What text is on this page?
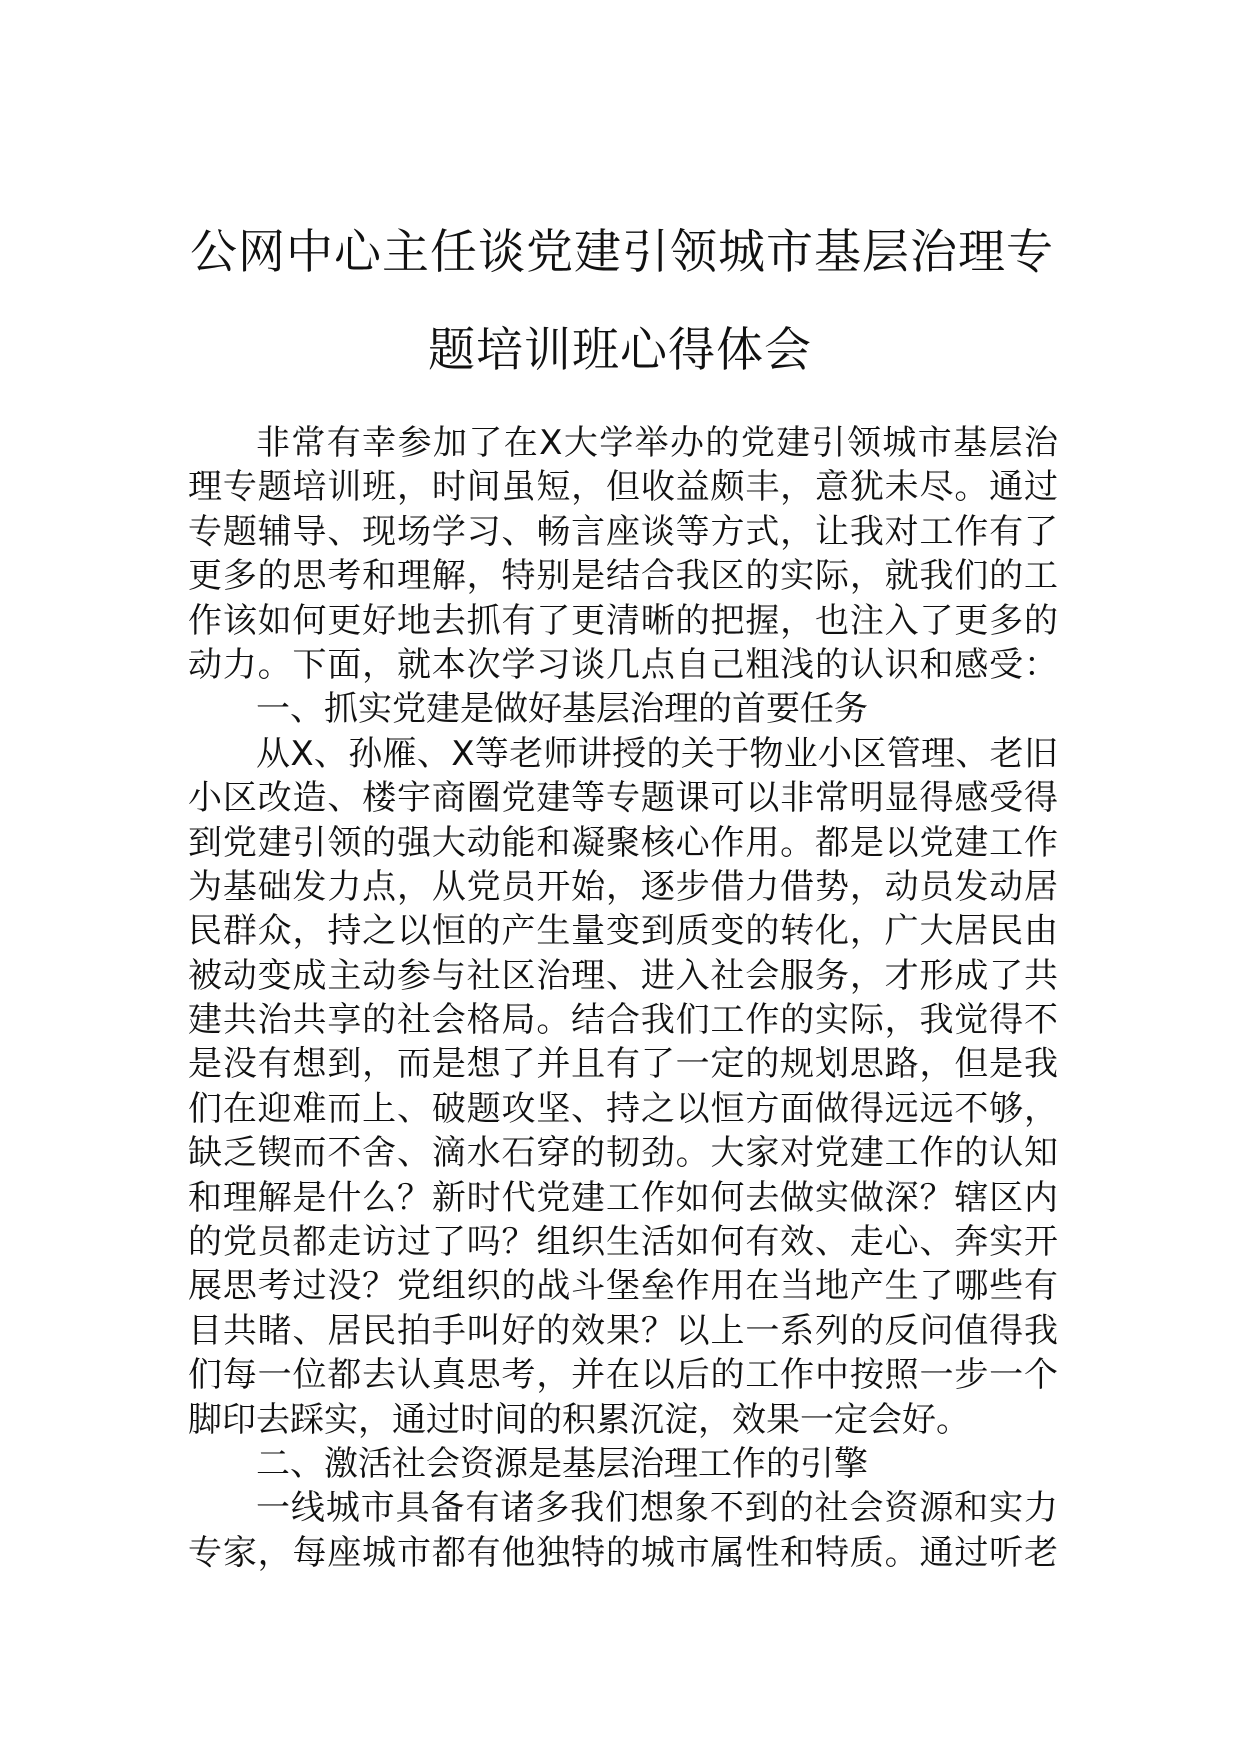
公网中心主任谈党建引领城市基层治理专
题培训班心得体会
非常有幸参加了在X大学举办的党建引领城市基层治
理专题培训班，时间虽短，但收益颇丰，意犹未尽。通过
专题辅导、现场学习、畅言座谈等方式，让我对工作有了
更多的思考和理解，特别是结合我区的实际，就我们的工
作该如何更好地去抓有了更清晰的把握，也注入了更多的
动力。下面，就本次学习谈几点自己粗浅的认识和感受：
一、抓实党建是做好基层治理的首要任务
从X、孙雁、X等老师讲授的关于物业小区管理、老旧
小区改造、楼宇商圈党建等专题课可以非常明显得感受得
到党建引领的强大动能和凝聚核心作用。都是以党建工作
为基础发力点，从党员开始，逐步借力借势，动员发动居
民群众，持之以恒的产生量变到质变的转化，广大居民由
被动变成主动参与社区治理、进入社会服务，才形成了共
建共治共享的社会格局。结合我们工作的实际，我觉得不
是没有想到，而是想了并且有了一定的规划思路，但是我
们在迎难而上、破题攻坚、持之以恒方面做得远远不够，
缺乏锲而不舍、滴水石穿的韧劲。大家对党建工作的认知
和理解是什么？新时代党建工作如何去做实做深？辖区内
的党员都走访过了吗？组织生活如何有效、走心、奔实开
展思考过没？党组织的战斗堡垒作用在当地产生了哪些有
目共睹、居民拍手叫好的效果？以上一系列的反问值得我
们每一位都去认真思考，并在以后的工作中按照一步一个
脚印去踩实，通过时间的积累沉淀，效果一定会好。
二、激活社会资源是基层治理工作的引擎
一线城市具备有诸多我们想象不到的社会资源和实力
专家，每座城市都有他独特的城市属性和特质。通过听老
